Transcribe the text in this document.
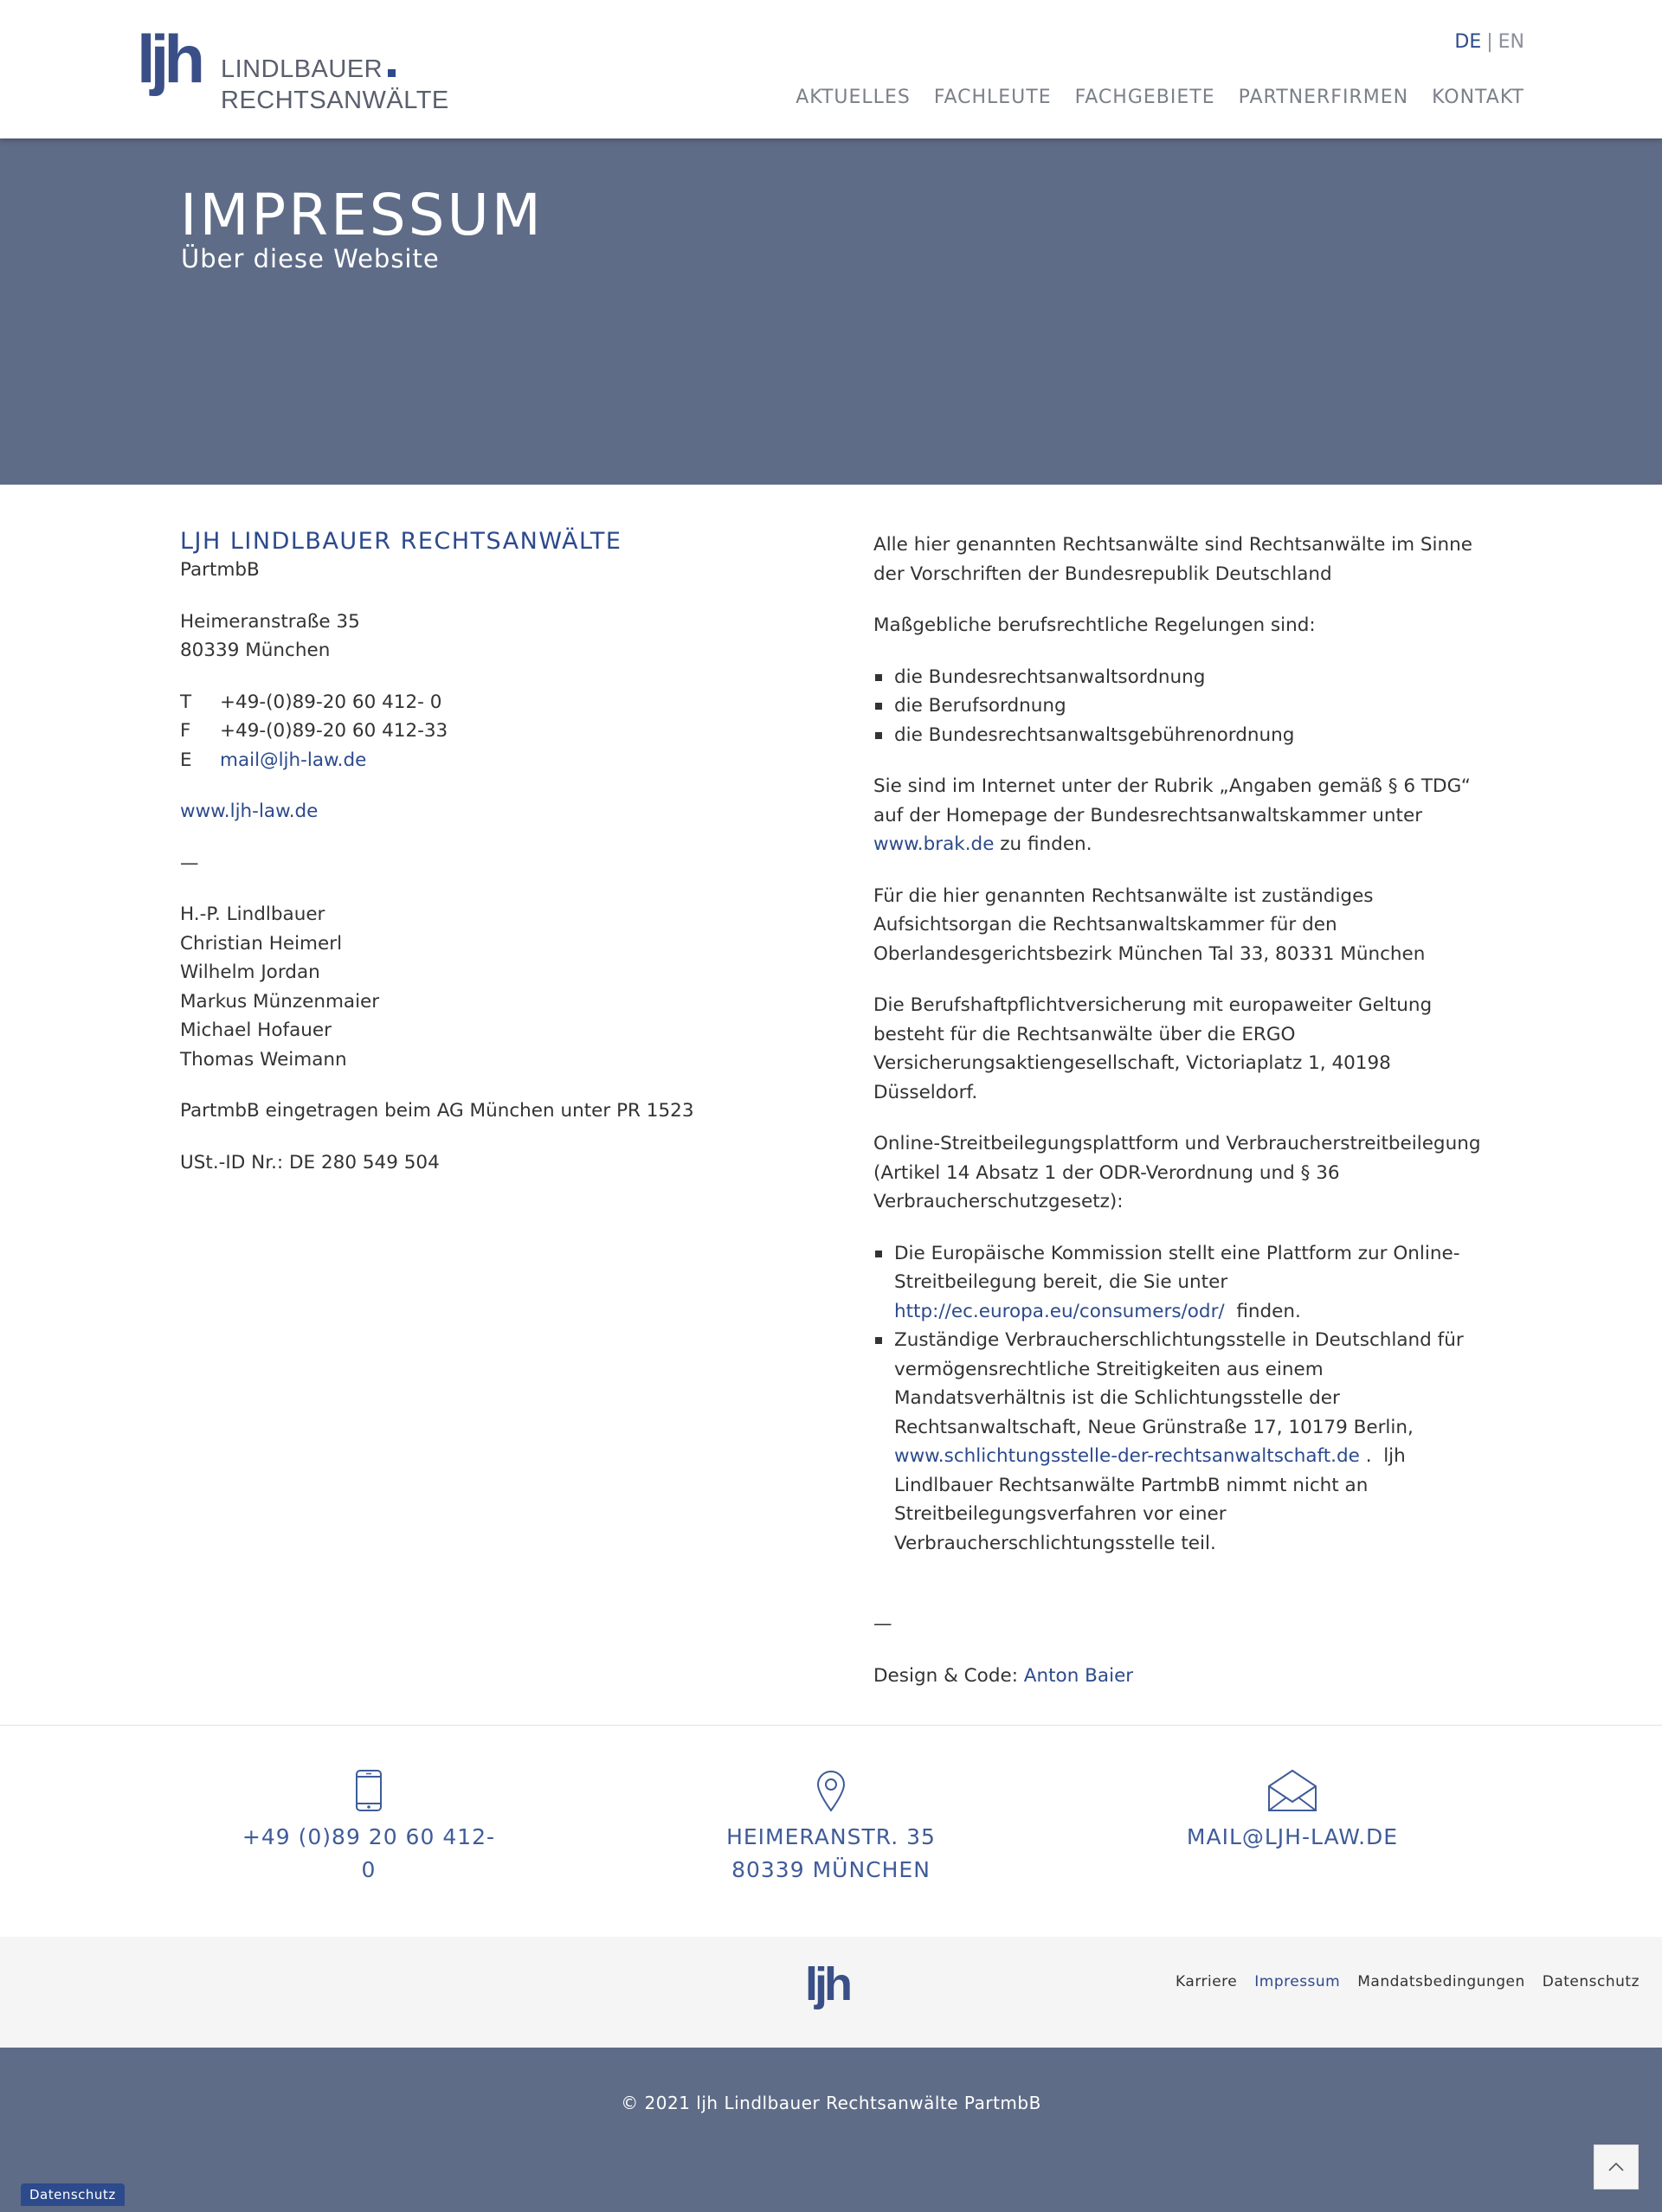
ljh LINDLBAUER
RECHTSANWÄLTE
DE | EN
AKTUELLES FACHLEUTE FACHGEBIETE PARTNERFIRMEN KONTAKT
IMPRESSUM
Über diese Website
LJH LINDLBAUER RECHTSANWÄLTE

PartmbB

Heimeranstraße 35
80339 München

T	+49-(0)89-20 60 412- 0
F	+49-(0)89-20 60 412-33
E	mail@ljh-law.de

www.ljh-law.de

—

H.-P. Lindlbauer
Christian Heimerl
Wilhelm Jordan
Markus Münzenmaier
Michael Hofauer
Thomas Weimann

PartmbB eingetragen beim AG München unter PR 1523

USt.-ID Nr.: DE 280 549 504

Alle hier genannten Rechtsanwälte sind Rechtsanwälte im Sinne der Vorschriften der Bundesrepublik Deutschland

Maßgebliche berufsrechtliche Regelungen sind:

die Bundesrechtsanwaltsordnung
die Berufsordnung
die Bundesrechtsanwaltsgebührenordnung

Sie sind im Internet unter der Rubrik „Angaben gemäß § 6 TDG“ auf der Homepage der Bundesrechtsanwaltskammer unter www.brak.de zu finden.

Für die hier genannten Rechtsanwälte ist zuständiges Aufsichtsorgan die Rechtsanwaltskammer für den Oberlandesgerichtsbezirk München Tal 33, 80331 München

Die Berufshaftpflichtversicherung mit europaweiter Geltung besteht für die Rechtsanwälte über die ERGO Versicherungsaktiengesellschaft, Victoriaplatz 1, 40198 Düsseldorf.

Online-Streitbeilegungsplattform und Verbraucherstreitbeilegung (Artikel 14 Absatz 1 der ODR-Verordnung und § 36 Verbraucherschutzgesetz):

Die Europäische Kommission stellt eine Plattform zur Online-Streitbeilegung bereit, die Sie unter http://ec.europa.eu/consumers/odr/  finden.
Zuständige Verbraucherschlichtungsstelle in Deutschland für vermögensrechtliche Streitigkeiten aus einem Mandatsverhältnis ist die Schlichtungsstelle der Rechtsanwaltschaft, Neue Grünstraße 17, 10179 Berlin, www.schlichtungsstelle-der-rechtsanwaltschaft.de .  ljh Lindlbauer Rechtsanwälte PartmbB nimmt nicht an Streitbeilegungsverfahren vor einer Verbraucherschlichtungsstelle teil.

—

Design & Code: Anton Baier

+49 (0)89 20 60 412-0
HEIMERANSTR. 35
80339 MÜNCHEN
MAIL@LJH-LAW.DE
ljh	Karriere Impressum Mandatsbedingungen Datenschutz
© 2021 ljh Lindlbauer Rechtsanwälte PartmbB
Datenschutz
